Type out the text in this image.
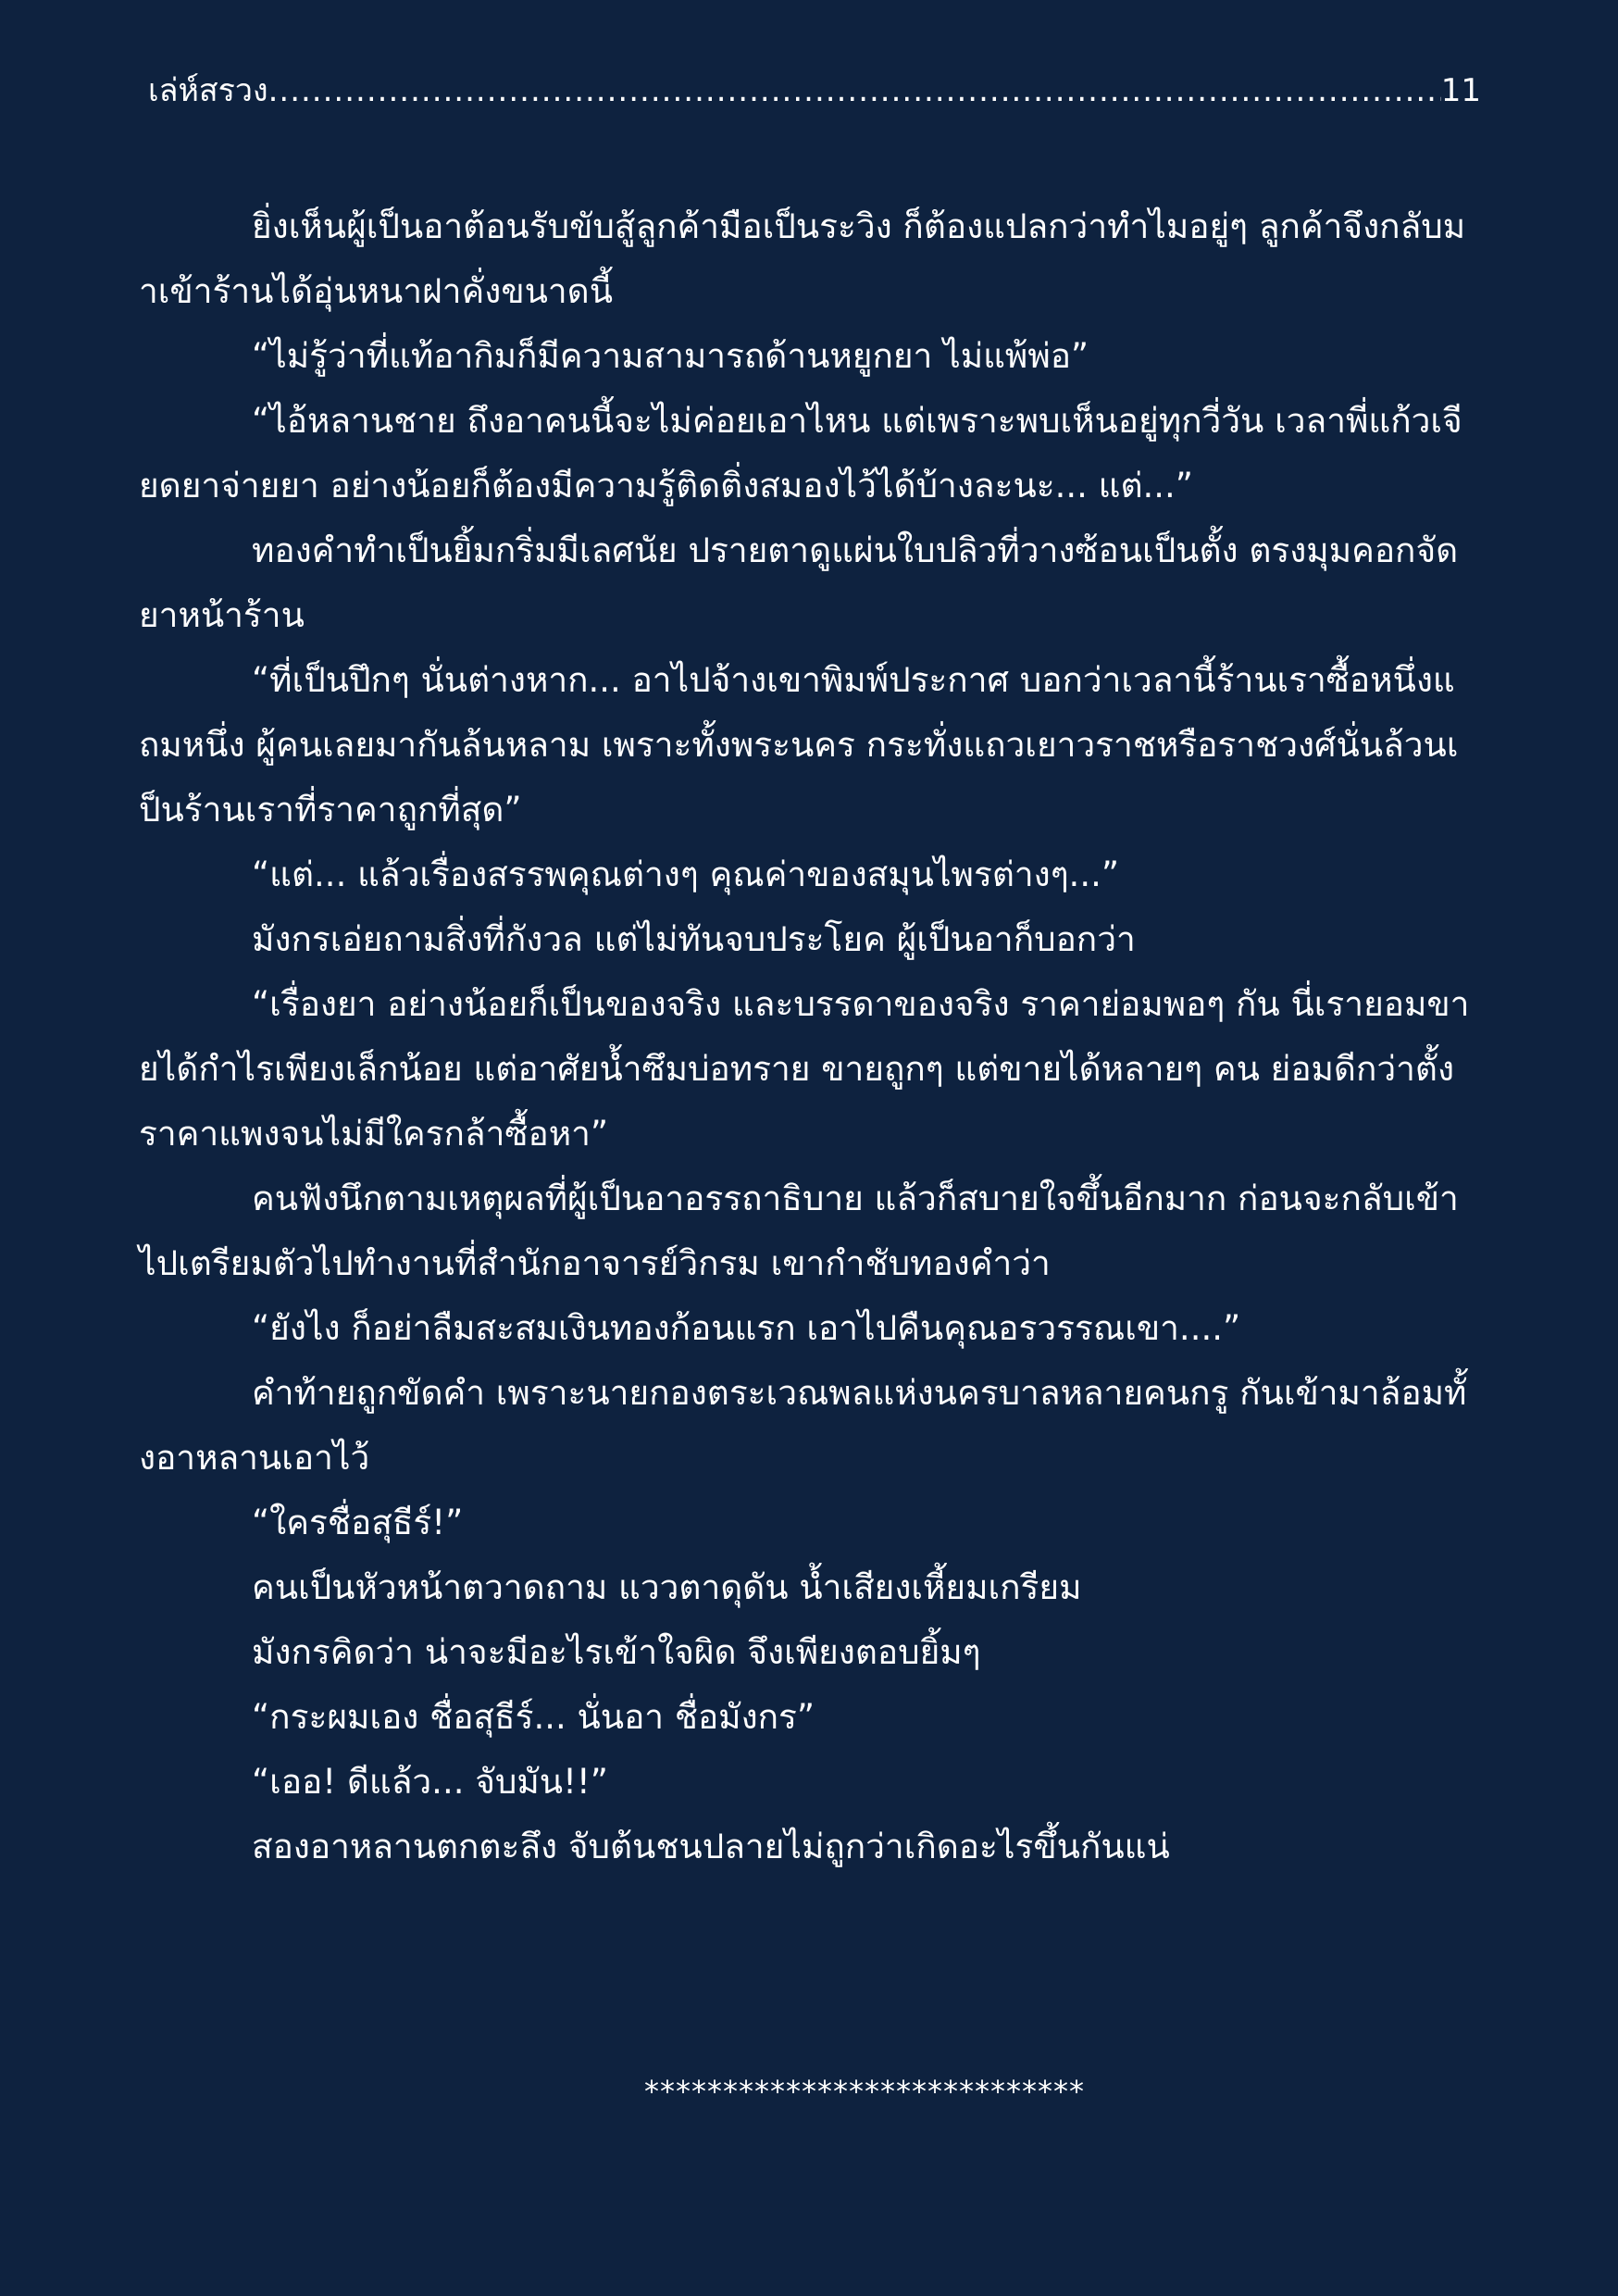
เล่ห์สรวง
.....	11

ยิ่งเห็นผู้เป็นอาต้อนรับขับสู้ลูกค้ามือเป็นระวิง ก็ต้องแปลกว่าทำไมอยู่ๆ ลูกค้าจึงกลับมาเข้าร้านได้อุ่นหนาฝาคั่งขนาดนี้

“ไม่รู้ว่าที่แท้อากิมก็มีความสามารถด้านหยูกยา ไม่แพ้พ่อ”

“ไอ้หลานชาย ถึงอาคนนี้จะไม่ค่อยเอาไหน แต่เพราะพบเห็นอยู่ทุกวี่วัน เวลาพี่แก้วเจียดยาจ่ายยา อย่างน้อยก็ต้องมีความรู้ติดติ่งสมองไว้ได้บ้างละนะ... แต่...”

ทองคำทำเป็นยิ้มกริ่มมีเลศนัย ปรายตาดูแผ่นใบปลิวที่วางซ้อนเป็นตั้ง ตรงมุมคอกจัดยาหน้าร้าน

“ที่เป็นปึกๆ นั่นต่างหาก... อาไปจ้างเขาพิมพ์ประกาศ บอกว่าเวลานี้ร้านเราซื้อหนึ่งแถมหนึ่ง ผู้คนเลยมากันล้นหลาม เพราะทั้งพระนคร กระทั่งแถวเยาวราชหรือราชวงศ์นั่นล้วนเป็นร้านเราที่ราคาถูกที่สุด”

“แต่... แล้วเรื่องสรรพคุณต่างๆ คุณค่าของสมุนไพรต่างๆ...”

มังกรเอ่ยถามสิ่งที่กังวล แต่ไม่ทันจบประโยค ผู้เป็นอาก็บอกว่า

“เรื่องยา อย่างน้อยก็เป็นของจริง และบรรดาของจริง ราคาย่อมพอๆ กัน นี่เรายอมขายได้กำไรเพียงเล็กน้อย แต่อาศัยน้ำซึมบ่อทราย ขายถูกๆ แต่ขายได้หลายๆ คน ย่อมดีกว่าตั้งราคาแพงจนไม่มีใครกล้าซื้อหา”

คนฟังนึกตามเหตุผลที่ผู้เป็นอาอรรถาธิบาย แล้วก็สบายใจขึ้นอีกมาก ก่อนจะกลับเข้าไปเตรียมตัวไปทำงานที่สำนักอาจารย์วิกรม เขากำชับทองคำว่า

“ยังไง ก็อย่าลืมสะสมเงินทองก้อนแรก เอาไปคืนคุณอรวรรณเขา....”

คำท้ายถูกขัดคำ เพราะนายกองตระเวณพลแห่งนครบาลหลายคนกรู กันเข้ามาล้อมทั้งอาหลานเอาไว้

“ใครชื่อสุธีร์!”

คนเป็นหัวหน้าตวาดถาม แววตาดุดัน น้ำเสียงเหี้ยมเกรียม

มังกรคิดว่า น่าจะมีอะไรเข้าใจผิด จึงเพียงตอบยิ้มๆ

“กระผมเอง ชื่อสุธีร์... นั่นอา ชื่อมังกร”

“เออ! ดีแล้ว... จับมัน!!”

สองอาหลานตกตะลึง จับต้นชนปลายไม่ถูกว่าเกิดอะไรขึ้นกันแน่

****************************
